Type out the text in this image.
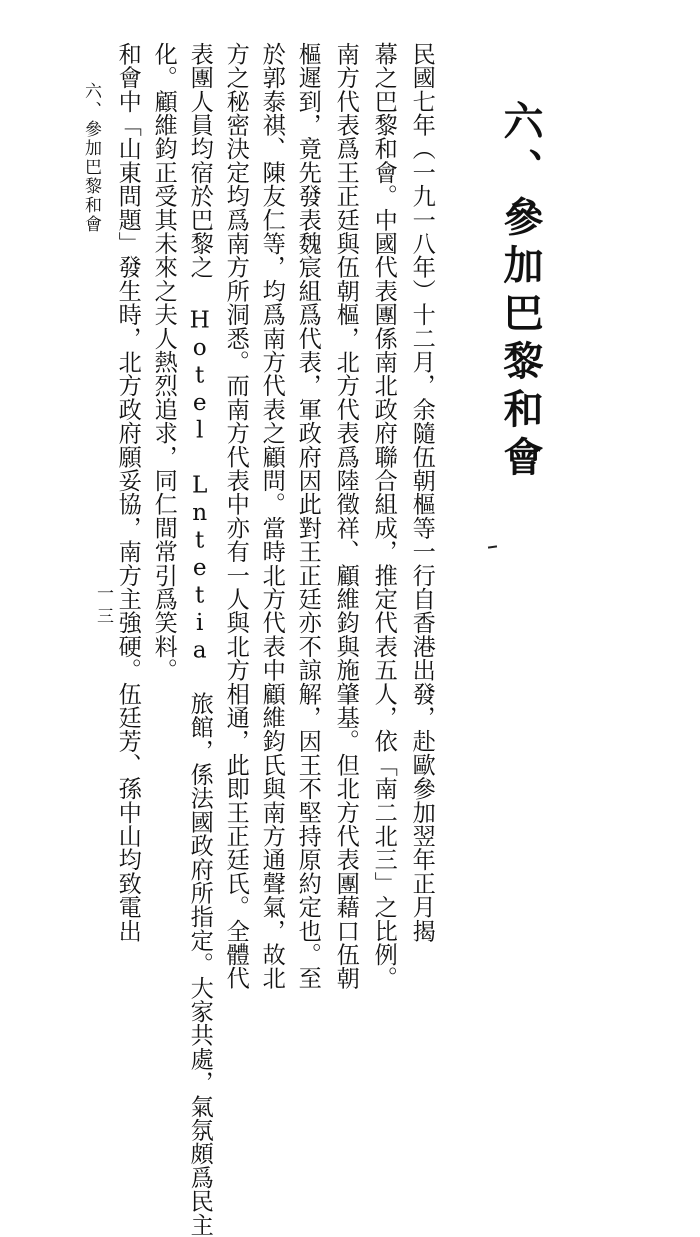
六、參加巴黎和會
民國七年（一九一八年）十二月，余隨伍朝樞等一行自香港出發，赴歐參加翌年正月揭
幕之巴黎和會。中國代表團係南北政府聯合組成，推定代表五人，依「南二北三」之比例。
南方代表爲王正廷與伍朝樞，北方代表爲陸徵祥、顧維鈞與施肇基。但北方代表團藉口伍朝
樞遲到，竟先發表魏宸組爲代表，軍政府因此對王正廷亦不諒解，因王不堅持原約定也。至
於郭泰祺、陳友仁等，均爲南方代表之顧問。當時北方代表中顧維鈞氏與南方通聲氣，故北
方之秘密決定均爲南方所洞悉。而南方代表中亦有一人與北方相通，此即王正廷氏。全體代
表團人員均宿於巴黎之 Hotel Lntetia 旅館，係法國政府所指定。大家共處，氣氛頗爲民主
化。顧維鈞正受其未來之夫人熱烈追求，同仁間常引爲笑料。
和會中「山東問題」發生時，北方政府願妥協，南方主強硬。伍廷芳、孫中山均致電出
六、參加巴黎和會
一三
